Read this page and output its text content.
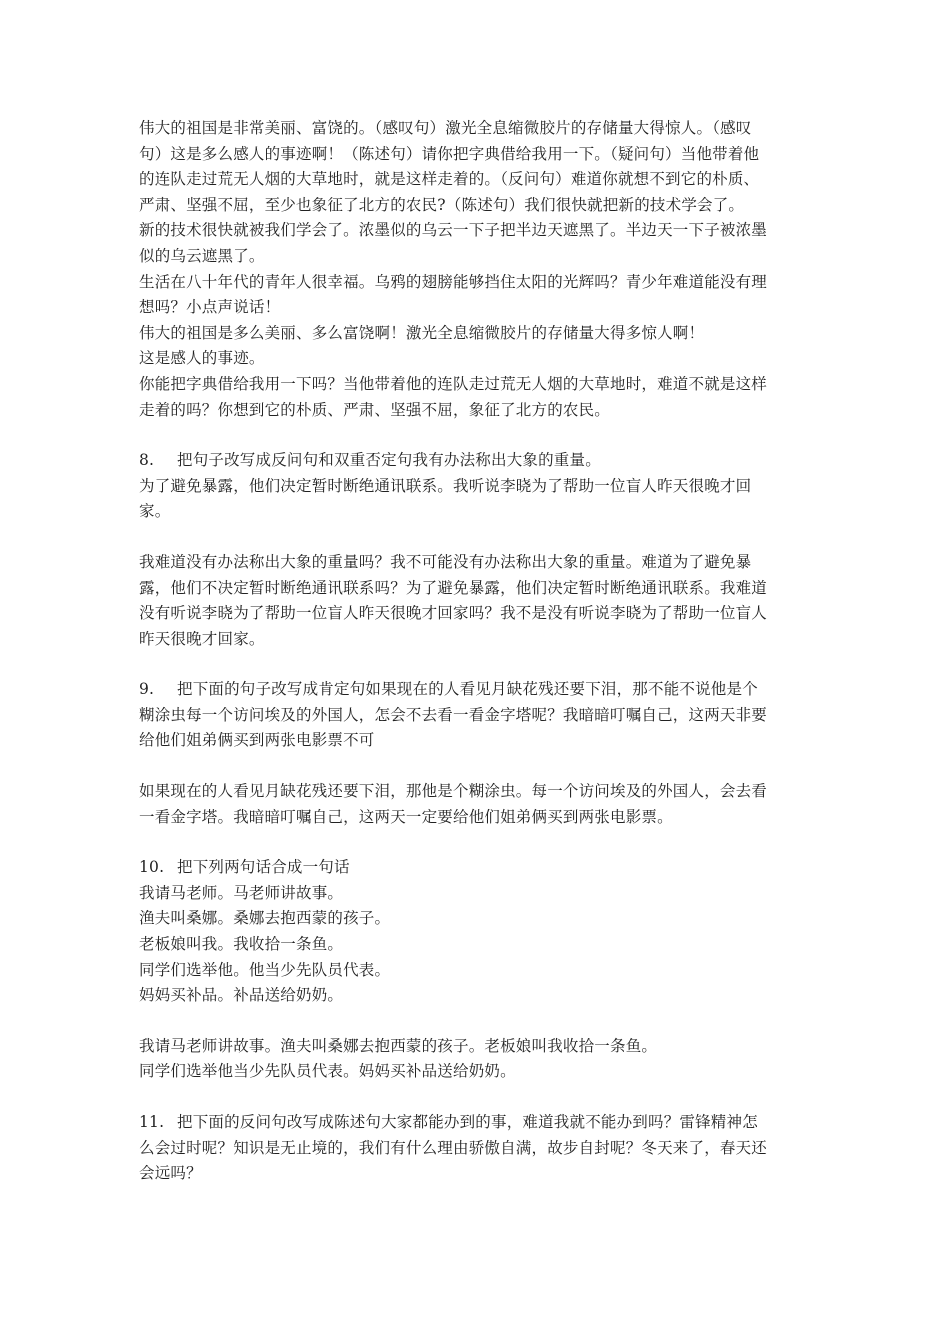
伟大的祖国是非常美丽、富饶的。（感叹句）激光全息缩微胶片的存储量大得惊人。（感叹句）这是多么感人的事迹啊！（陈述句）请你把字典借给我用一下。（疑问句）当他带着他的连队走过荒无人烟的大草地时，就是这样走着的。（反问句）难道你就想不到它的朴质、严肃、坚强不屈，至少也象征了北方的农民?（陈述句）我们很快就把新的技术学会了。

新的技术很快就被我们学会了。浓墨似的乌云一下子把半边天遮黑了。半边天一下子被浓墨似的乌云遮黑了。

生活在八十年代的青年人很幸福。乌鸦的翅膀能够挡住太阳的光辉吗？青少年难道能没有理想吗？小点声说话！

伟大的祖国是多么美丽、多么富饶啊！激光全息缩微胶片的存储量大得多惊人啊！

这是感人的事迹。

你能把字典借给我用一下吗？当他带着他的连队走过荒无人烟的大草地时，难道不就是这样走着的吗？你想到它的朴质、严肃、坚强不屈，象征了北方的农民。

8. 把句子改写成反问句和双重否定句我有办法称出大象的重量。

为了避免暴露，他们决定暂时断绝通讯联系。我听说李晓为了帮助一位盲人昨天很晚才回家。

我难道没有办法称出大象的重量吗？我不可能没有办法称出大象的重量。难道为了避免暴露，他们不决定暂时断绝通讯联系吗？为了避免暴露，他们决定暂时断绝通讯联系。我难道没有听说李晓为了帮助一位盲人昨天很晚才回家吗？我不是没有听说李晓为了帮助一位盲人昨天很晚才回家。

9. 把下面的句子改写成肯定句如果现在的人看见月缺花残还要下泪，那不能不说他是个糊涂虫每一个访问埃及的外国人，怎会不去看一看金字塔呢？我暗暗叮嘱自己，这两天非要给他们姐弟俩买到两张电影票不可

如果现在的人看见月缺花残还要下泪，那他是个糊涂虫。每一个访问埃及的外国人，会去看一看金字塔。我暗暗叮嘱自己，这两天一定要给他们姐弟俩买到两张电影票。

10. 把下列两句话合成一句话

我请马老师。马老师讲故事。

渔夫叫桑娜。桑娜去抱西蒙的孩子。

老板娘叫我。我收拾一条鱼。

同学们选举他。他当少先队员代表。

妈妈买补品。补品送给奶奶。

我请马老师讲故事。渔夫叫桑娜去抱西蒙的孩子。老板娘叫我收拾一条鱼。

同学们选举他当少先队员代表。妈妈买补品送给奶奶。

11. 把下面的反问句改写成陈述句大家都能办到的事，难道我就不能办到吗？雷锋精神怎么会过时呢？知识是无止境的，我们有什么理由骄傲自满，故步自封呢？冬天来了，春天还会远吗？
